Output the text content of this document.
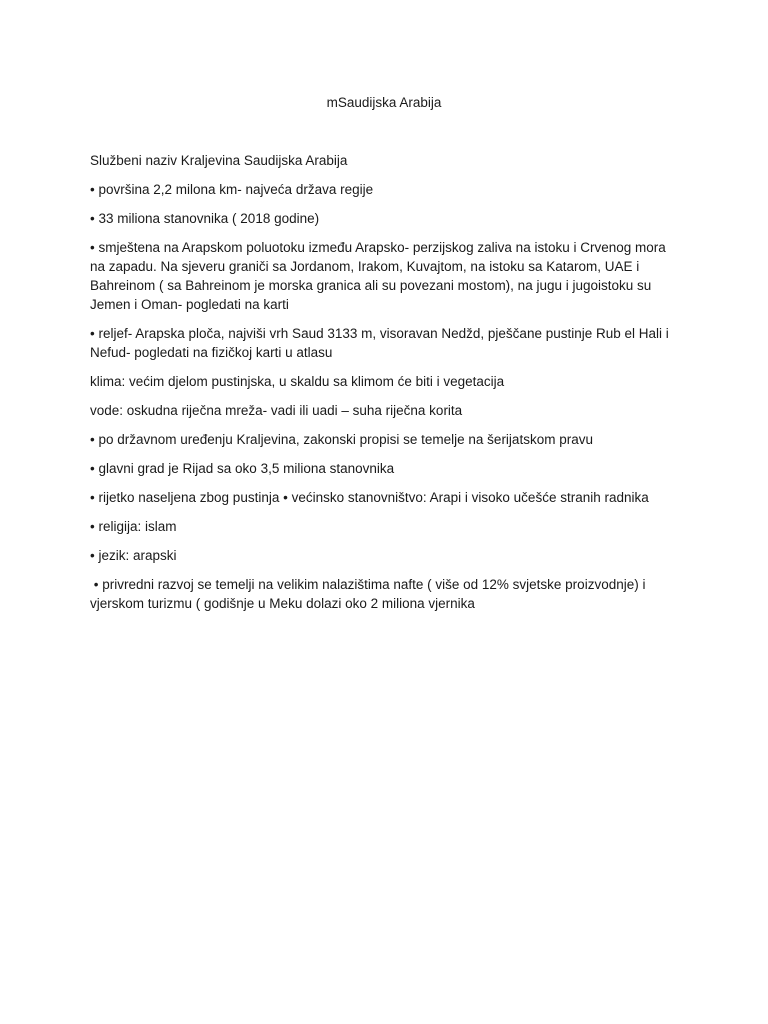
mSaudijska Arabija

Službeni naziv Kraljevina Saudijska Arabija

• površina 2,2 milona km- najveća država regije

• 33 miliona stanovnika ( 2018 godine)

• smještena na Arapskom poluotoku između Arapsko- perzijskog zaliva na istoku i Crvenog mora na zapadu. Na sjeveru graniči sa Jordanom, Irakom, Kuvajtom, na istoku sa Katarom, UAE i Bahreinom ( sa Bahreinom je morska granica ali su povezani mostom), na jugu i jugoistoku su Jemen i Oman- pogledati na karti

• reljef- Arapska ploča, najviši vrh Saud 3133 m, visoravan Nedžd, pješčane pustinje Rub el Hali i Nefud- pogledati na fizičkoj karti u atlasu

klima: većim djelom pustinjska, u skaldu sa klimom će biti i vegetacija

vode: oskudna riječna mreža- vadi ili uadi – suha riječna korita

• po državnom uređenju Kraljevina, zakonski propisi se temelje na šerijatskom pravu

• glavni grad je Rijad sa oko 3,5 miliona stanovnika

• rijetko naseljena zbog pustinja • većinsko stanovništvo: Arapi i visoko učešće stranih radnika

• religija: islam

• jezik: arapski

• privredni razvoj se temelji na velikim nalazištima nafte ( više od 12% svjetske proizvodnje) i vjerskom turizmu ( godišnje u Meku dolazi oko 2 miliona vjernika
